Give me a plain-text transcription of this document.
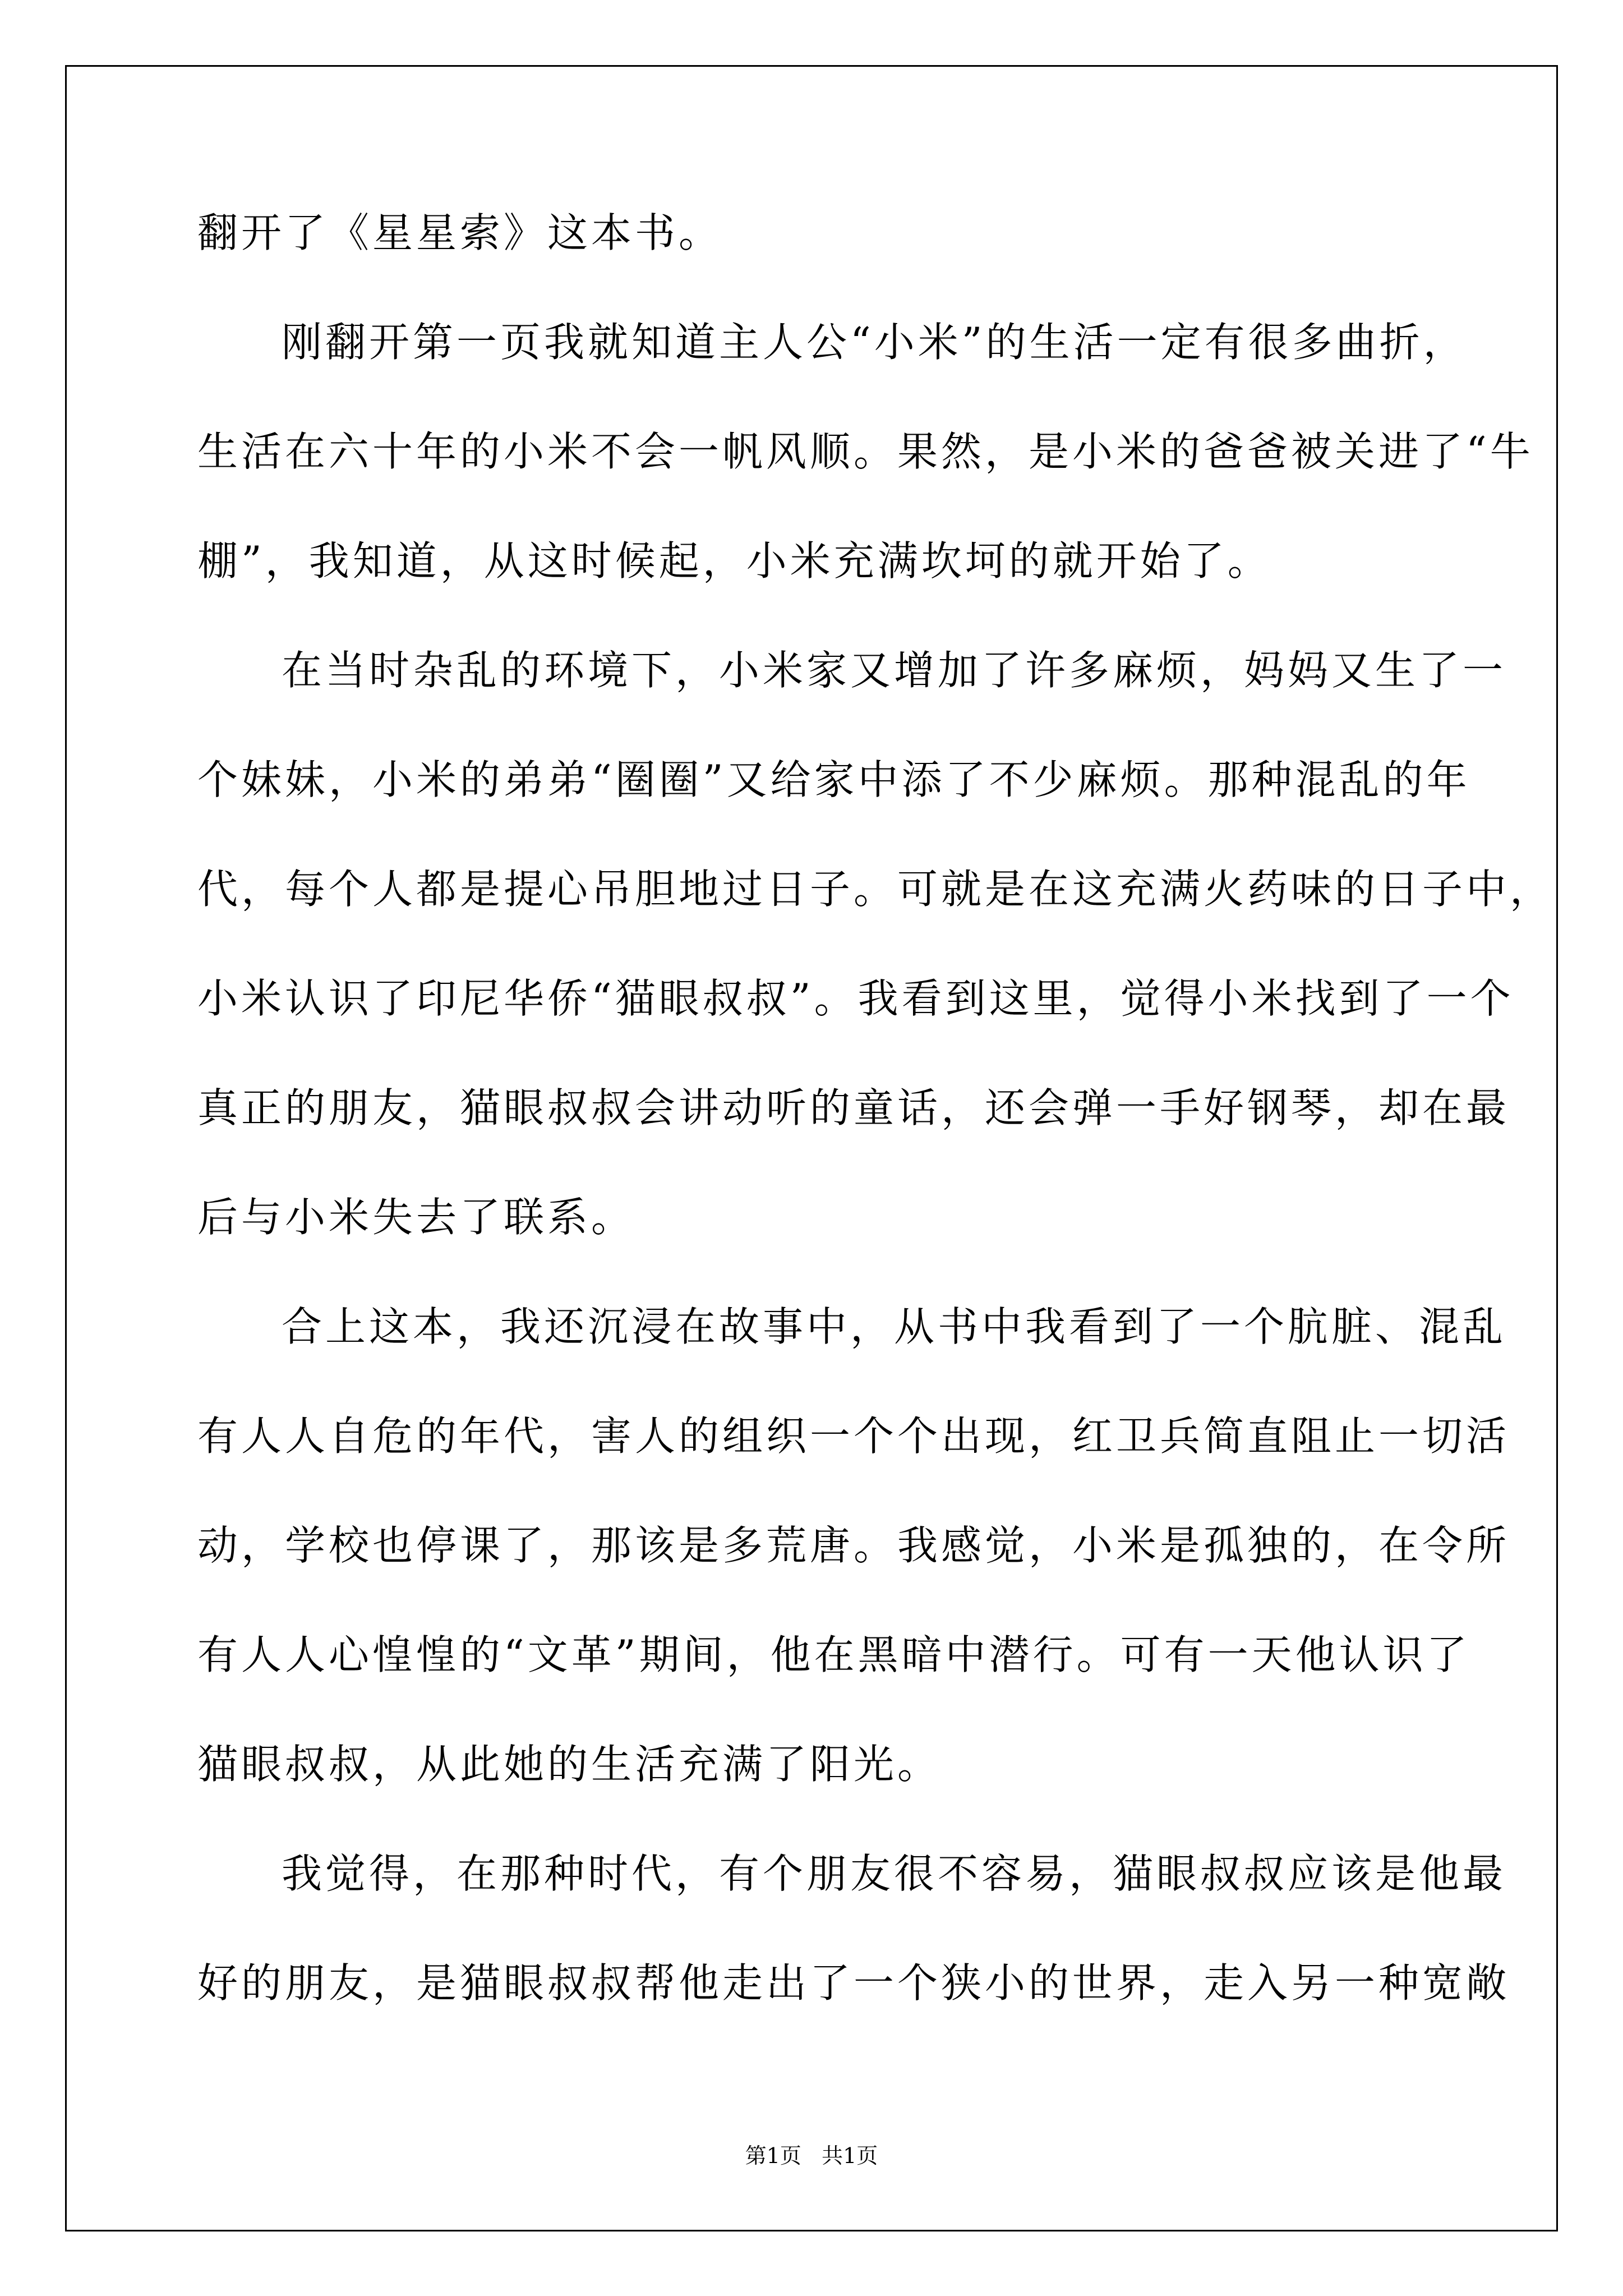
翻开了《星星索》这本书。
刚翻开第一页我就知道主人公“小米”的生活一定有很多曲折，
生活在六十年的小米不会一帆风顺。果然，是小米的爸爸被关进了“牛
棚”，我知道，从这时候起，小米充满坎坷的就开始了。
在当时杂乱的环境下，小米家又增加了许多麻烦，妈妈又生了一
个妹妹，小米的弟弟“圈圈”又给家中添了不少麻烦。那种混乱的年
代，每个人都是提心吊胆地过日子。可就是在这充满火药味的日子中，
小米认识了印尼华侨“猫眼叔叔”。我看到这里，觉得小米找到了一个
真正的朋友，猫眼叔叔会讲动听的童话，还会弹一手好钢琴，却在最
后与小米失去了联系。
合上这本，我还沉浸在故事中，从书中我看到了一个肮脏、混乱
有人人自危的年代，害人的组织一个个出现，红卫兵简直阻止一切活
动，学校也停课了，那该是多荒唐。我感觉，小米是孤独的，在令所
有人人心惶惶的“文革”期间，他在黑暗中潜行。可有一天他认识了
猫眼叔叔，从此她的生活充满了阳光。
我觉得，在那种时代，有个朋友很不容易，猫眼叔叔应该是他最
好的朋友，是猫眼叔叔帮他走出了一个狭小的世界，走入另一种宽敞
第1页   共1页
